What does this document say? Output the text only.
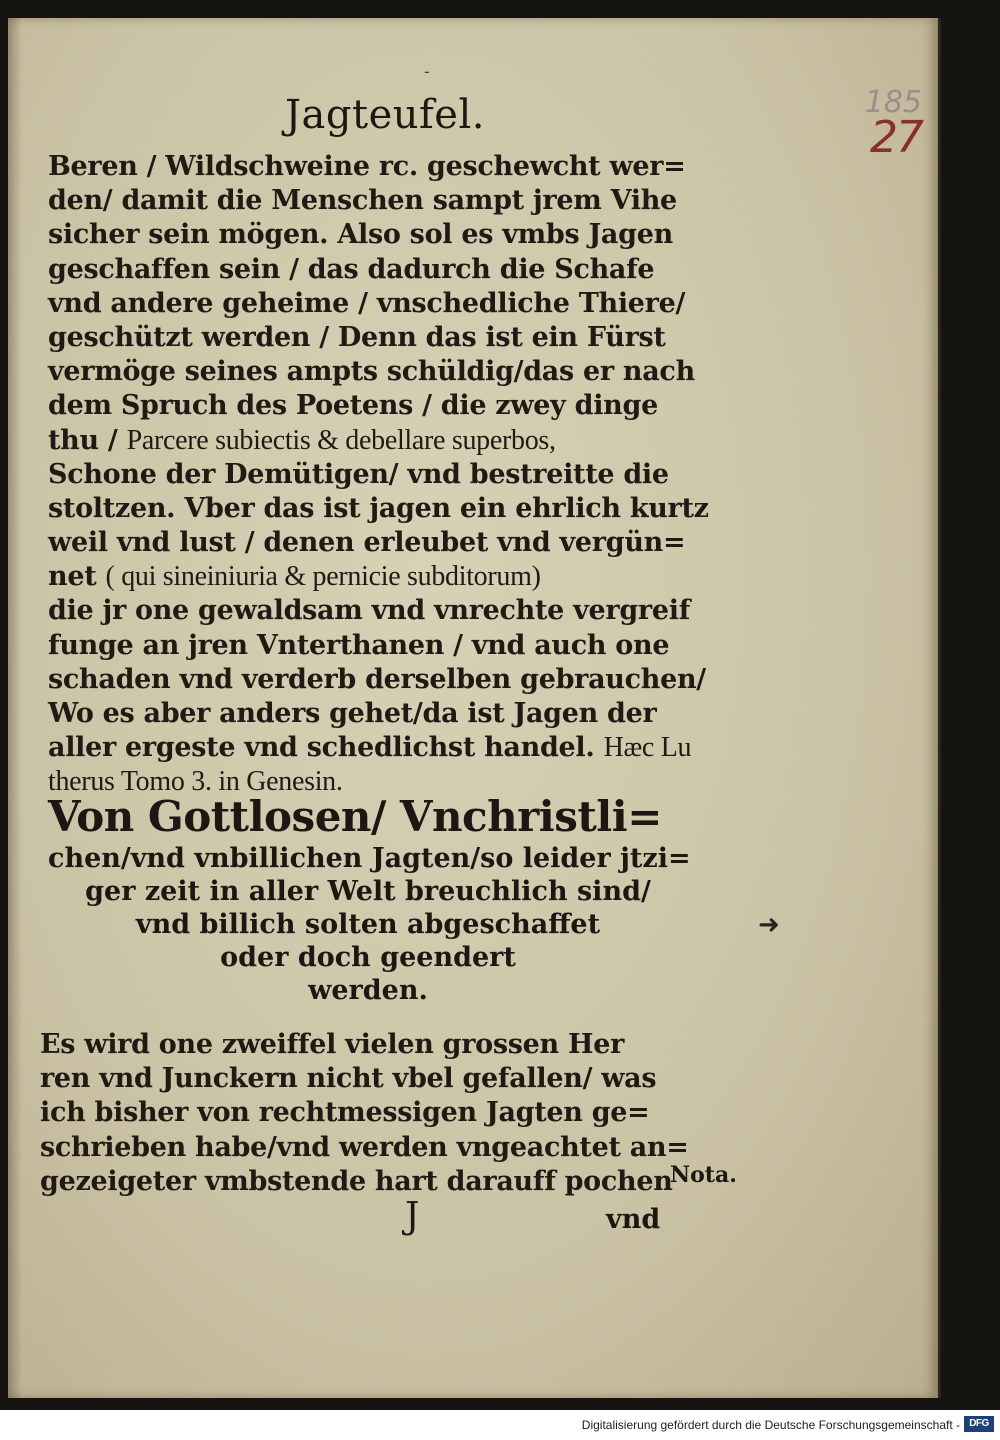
-
Jagteufel.	185
27
Beren / Wildschweine rc. geschewcht wer=
den/ damit die Menschen sampt jrem Vihe
sicher sein mögen. Also sol es vmbs Jagen
geschaffen sein / das dadurch die Schafe
vnd andere geheime / vnschedliche Thiere/
geschützt werden / Denn das ist ein Fürst
vermöge seines ampts schüldig/das er nach
dem Spruch des Poetens / die zwey dinge
thu / Parcere subiectis & debellare superbos,
Schone der Demütigen/ vnd bestreitte die
stoltzen. Vber das ist jagen ein ehrlich kurtz
weil vnd lust / denen erleubet vnd vergün=
net ( qui sineiniuria & pernicie subditorum)
die jr one gewaldsam vnd vnrechte vergreif
funge an jren Vnterthanen / vnd auch one
schaden vnd verderb derselben gebrauchen/
Wo es aber anders gehet/da ist Jagen der
aller ergeste vnd schedlichst handel. Hæc Lu
therus Tomo 3. in Genesin.
Von Gottlosen/ Vnchristli=
chen/vnd vnbillichen Jagten/so leider jtzi=
ger zeit in aller Welt breuchlich sind/
vnd billich solten abgeschaffet
oder doch geendert
werden.
➜
Es wird one zweiffel vielen grossen Her
ren vnd Junckern nicht vbel gefallen/ was
ich bisher von rechtmessigen Jagten ge=
schrieben habe/vnd werden vngeachtet an=
gezeigeter vmbstende hart darauff pochen
Nota.
J	vnd
Digitalisierung gefördert durch die Deutsche Forschungsgemeinschaft - DFG
